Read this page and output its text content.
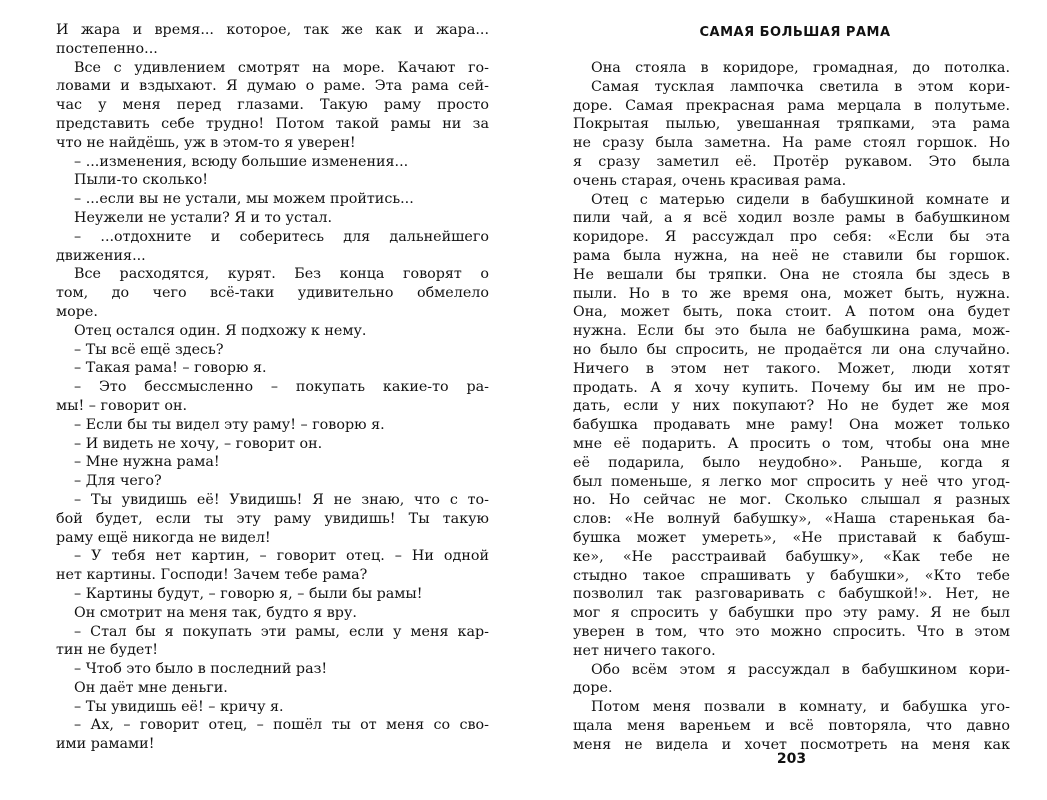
И жара и время... которое, так же как и жара...
постепенно...
Все с удивлением смотрят на море. Качают го-
ловами и вздыхают. Я думаю о раме. Эта рама сей-
час у меня перед глазами. Такую раму просто
представить себе трудно! Потом такой рамы ни за
что не найдёшь, уж в этом-то я уверен!
– ...изменения, всюду большие изменения...
Пыли-то сколько!
– ...если вы не устали, мы можем пройтись...
Неужели не устали? Я и то устал.
– ...отдохните и соберитесь для дальнейшего
движения...
Все расходятся, курят. Без конца говорят о
том, до чего всё-таки удивительно обмелело
море.
Отец остался один. Я подхожу к нему.
– Ты всё ещё здесь?
– Такая рама! – говорю я.
– Это бессмысленно – покупать какие-то ра-
мы! – говорит он.
– Если бы ты видел эту раму! – говорю я.
– И видеть не хочу, – говорит он.
– Мне нужна рама!
– Для чего?
– Ты увидишь её! Увидишь! Я не знаю, что с то-
бой будет, если ты эту раму увидишь! Ты такую
раму ещё никогда не видел!
– У тебя нет картин, – говорит отец. – Ни одной
нет картины. Господи! Зачем тебе рама?
– Картины будут, – говорю я, – были бы рамы!
Он смотрит на меня так, будто я вру.
– Стал бы я покупать эти рамы, если у меня кар-
тин не будет!
– Чтоб это было в последний раз!
Он даёт мне деньги.
– Ты увидишь её! – кричу я.
– Ах, – говорит отец, – пошёл ты от меня со сво-
ими рамами!
САМАЯ БОЛЬШАЯ РАМА
Она стояла в коридоре, громадная, до потолка.
Самая тусклая лампочка светила в этом кори-
доре. Самая прекрасная рама мерцала в полутьме.
Покрытая пылью, увешанная тряпками, эта рама
не сразу была заметна. На раме стоял горшок. Но
я сразу заметил её. Протёр рукавом. Это была
очень старая, очень красивая рама.
Отец с матерью сидели в бабушкиной комнате и
пили чай, а я всё ходил возле рамы в бабушкином
коридоре. Я рассуждал про себя: «Если бы эта
рама была нужна, на неё не ставили бы горшок.
Не вешали бы тряпки. Она не стояла бы здесь в
пыли. Но в то же время она, может быть, нужна.
Она, может быть, пока стоит. А потом она будет
нужна. Если бы это была не бабушкина рама, мож-
но было бы спросить, не продаётся ли она случайно.
Ничего в этом нет такого. Может, люди хотят
продать. А я хочу купить. Почему бы им не про-
дать, если у них покупают? Но не будет же моя
бабушка продавать мне раму! Она может только
мне её подарить. А просить о том, чтобы она мне
её подарила, было неудобно». Раньше, когда я
был поменьше, я легко мог спросить у неё что угод-
но. Но сейчас не мог. Сколько слышал я разных
слов: «Не волнуй бабушку», «Наша старенькая ба-
бушка может умереть», «Не приставай к бабуш-
ке», «Не расстраивай бабушку», «Как тебе не
стыдно такое спрашивать у бабушки», «Кто тебе
позволил так разговаривать с бабушкой!». Нет, не
мог я спросить у бабушки про эту раму. Я не был
уверен в том, что это можно спросить. Что в этом
нет ничего такого.
Обо всём этом я рассуждал в бабушкином кори-
доре.
Потом меня позвали в комнату, и бабушка уго-
щала меня вареньем и всё повторяла, что давно
меня не видела и хочет посмотреть на меня как
203
